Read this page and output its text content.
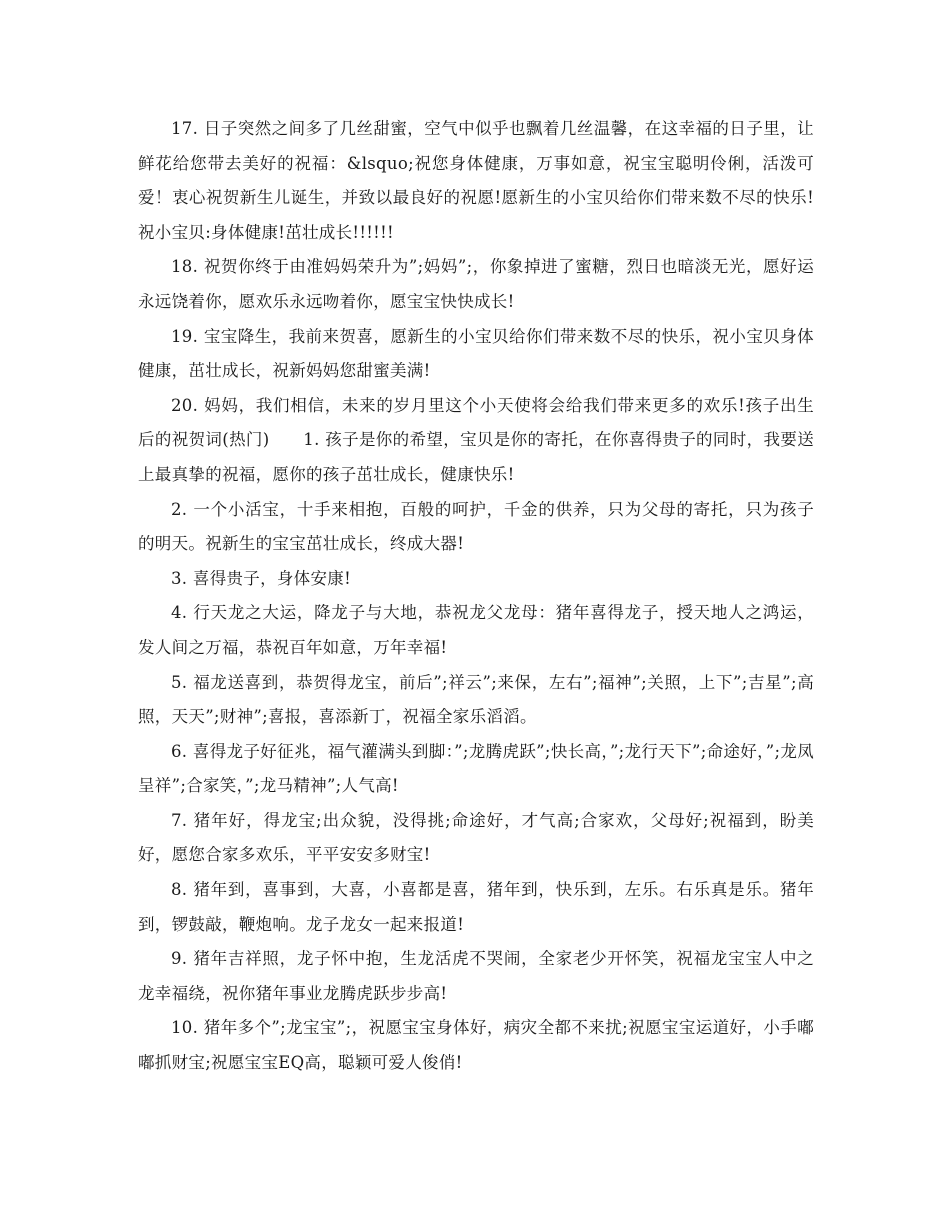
17. 日子突然之间多了几丝甜蜜，空气中似乎也飘着几丝温馨，在这幸福的日子里，让鲜花给您带去美好的祝福：&lsquo;祝您身体健康，万事如意，祝宝宝聪明伶俐，活泼可爱！衷心祝贺新生儿诞生，并致以最良好的祝愿!愿新生的小宝贝给你们带来数不尽的快乐!祝小宝贝:身体健康!茁壮成长!!!!!!

18. 祝贺你终于由准妈妈荣升为”;妈妈”;，你象掉进了蜜糖，烈日也暗淡无光，愿好运永远饶着你，愿欢乐永远吻着你，愿宝宝快快成长!

19. 宝宝降生，我前来贺喜，愿新生的小宝贝给你们带来数不尽的快乐，祝小宝贝身体健康，茁壮成长，祝新妈妈您甜蜜美满!

20. 妈妈，我们相信，未来的岁月里这个小天使将会给我们带来更多的欢乐!孩子出生后的祝贺词(热门)　　1. 孩子是你的希望，宝贝是你的寄托，在你喜得贵子的同时，我要送上最真挚的祝福，愿你的孩子茁壮成长，健康快乐!

2. 一个小活宝，十手来相抱，百般的呵护，千金的供养，只为父母的寄托，只为孩子的明天。祝新生的宝宝茁壮成长，终成大器!

3. 喜得贵子，身体安康!

4. 行天龙之大运，降龙子与大地，恭祝龙父龙母：猪年喜得龙子，授天地人之鸿运，发人间之万福，恭祝百年如意，万年幸福!

5. 福龙送喜到，恭贺得龙宝，前后”;祥云”;来保，左右”;福神”;关照，上下”;吉星”;高照，天天”;财神”;喜报，喜添新丁，祝福全家乐滔滔。

6. 喜得龙子好征兆，福气灌满头到脚：”;龙腾虎跃”;快长高，”;龙行天下”;命途好，”;龙凤呈祥”;合家笑，”;龙马精神”;人气高!

7. 猪年好，得龙宝;出众貌，没得挑;命途好，才气高;合家欢，父母好;祝福到，盼美好，愿您合家多欢乐，平平安安多财宝!

8. 猪年到，喜事到，大喜，小喜都是喜，猪年到，快乐到，左乐。右乐真是乐。猪年到，锣鼓敲，鞭炮响。龙子龙女一起来报道!

9. 猪年吉祥照，龙子怀中抱，生龙活虎不哭闹，全家老少开怀笑，祝福龙宝宝人中之龙幸福绕，祝你猪年事业龙腾虎跃步步高!

10. 猪年多个”;龙宝宝”;，祝愿宝宝身体好，病灾全都不来扰;祝愿宝宝运道好，小手嘟嘟抓财宝;祝愿宝宝EQ高，聪颖可爱人俊俏!
